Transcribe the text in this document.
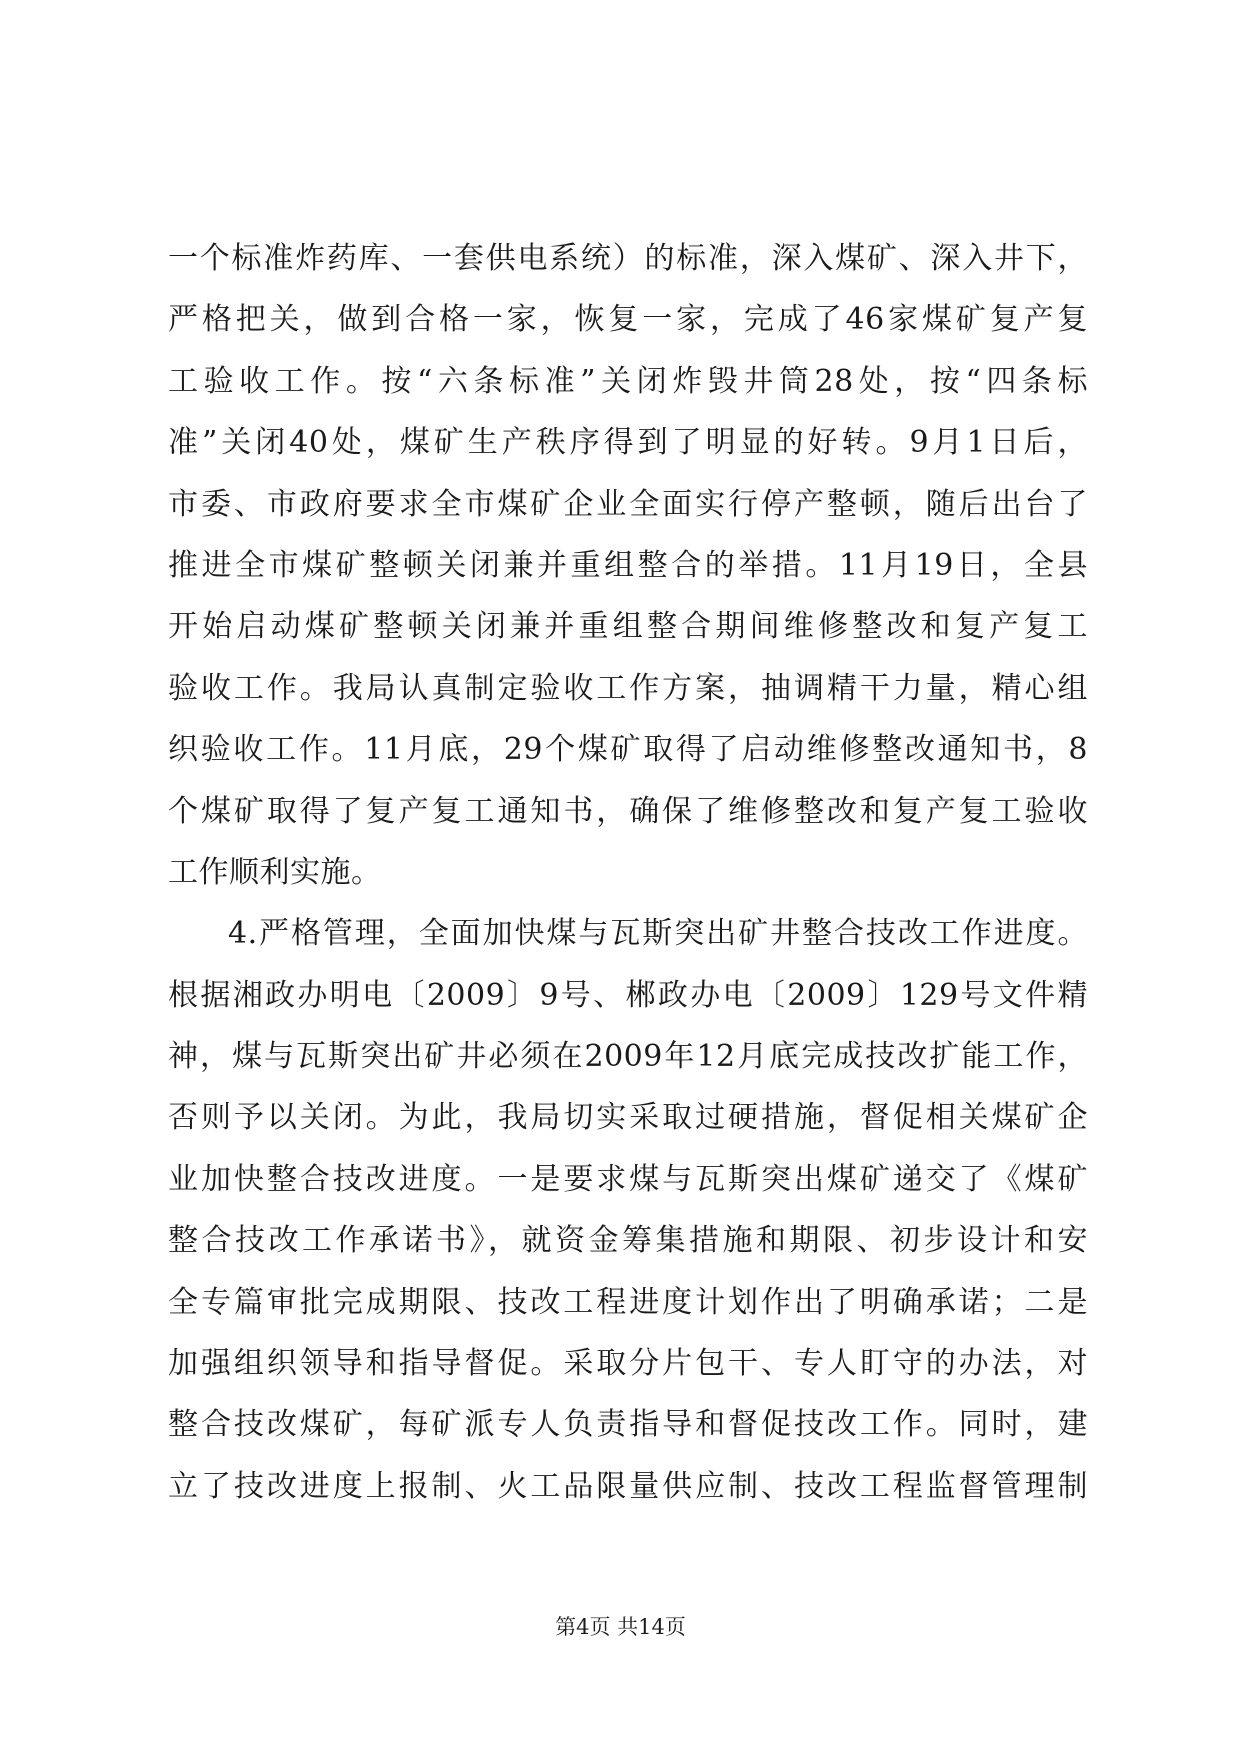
一个标准炸药库、一套供电系统）的标准，深入煤矿、深入井下，
严格把关，做到合格一家，恢复一家，完成了46家煤矿复产复
工验收工作。按“六条标准”关闭炸毁井筒28处，按“四条标
准”关闭40处，煤矿生产秩序得到了明显的好转。9月1日后，
市委、市政府要求全市煤矿企业全面实行停产整顿，随后出台了
推进全市煤矿整顿关闭兼并重组整合的举措。11月19日，全县
开始启动煤矿整顿关闭兼并重组整合期间维修整改和复产复工
验收工作。我局认真制定验收工作方案，抽调精干力量，精心组
织验收工作。11月底，29个煤矿取得了启动维修整改通知书，8
个煤矿取得了复产复工通知书，确保了维修整改和复产复工验收
工作顺利实施。
4.严格管理，全面加快煤与瓦斯突出矿井整合技改工作进度。
根据湘政办明电〔2009〕9号、郴政办电〔2009〕129号文件精
神，煤与瓦斯突出矿井必须在2009年12月底完成技改扩能工作，
否则予以关闭。为此，我局切实采取过硬措施，督促相关煤矿企
业加快整合技改进度。一是要求煤与瓦斯突出煤矿递交了《煤矿
整合技改工作承诺书》，就资金筹集措施和期限、初步设计和安
全专篇审批完成期限、技改工程进度计划作出了明确承诺；二是
加强组织领导和指导督促。采取分片包干、专人盯守的办法，对
整合技改煤矿，每矿派专人负责指导和督促技改工作。同时，建
立了技改进度上报制、火工品限量供应制、技改工程监督管理制
第4页 共14页
